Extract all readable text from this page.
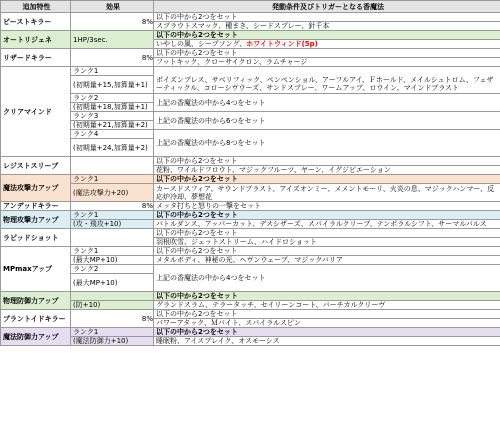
追加特性	効果	発動条件及びトリガーとなる香魔法
ビーストキラー	8%	以下の中から2つをセット
		スプラウトスマック、種まき、シードスプレー、針千本
オートリジェネ	1HP/3sec.	以下の中から2つをセット
		いやしの風、シープソング、ホワイトウィンド(5p)
リザードキラー	8%	以下の中から2つをセット
		フットキック、クローサイクロン、ラムチャージ
クリアマインド	ランク1	ポイズンブレス、サベリフィック、ペンペンショル、アーフルアイ、Ｆホールド、メイルシュトロム、フェザーティックル、コローシヴウーズ、サンドスプレー、ワームアップ、ロウイン、マインドブラスト

	(初期量+15,加算量+1)	

	ランク2	上記の香魔法の中から4つをセット
	(初期量+18,加算量+1)	
	ランク3	上記の香魔法の中から6つをセット
	(初期量+21,加算量+2)	
	ランク4	上記の香魔法の中から8つをセット
	(初期量+24,加算量+2)	

レジストスリープ		以下の中から2つをセット
		花粉、ワイルドフロウト、マジックフルーツ、ヤーン、イグジビエーション
魔法攻撃力アップ	ランク1	以下の中から2つをセット
	(魔法攻撃力+20)	カースドスフィア、サウンドブラスト、アイズオンミー、メメントモーリ、火炎の息、マジックハンマー、反応炉冷却、夢想花

アンデッドキラー	8%	メッタ打ちと怒りの一撃をセット
物理攻撃力アップ	ランク1	以下の中から2つをセット
	(攻・飛攻+10)	バトルダンス、アッパーカット、デスシザーズ、スパイラルクリーブ、テンポラルシフト、サーマルバルス
ラピッドショット		以下の中から2つをセット
		羽根吹雪、ジェットストリーム、ハイドロショット
MPmaxアップ	ランク1	以下の中から2つをセット
	(最大MP+10)	メタルボディ、神秘の光、ヘヴンウェーブ、マジックバリア
	ランク2	上記の香魔法の中から4つをセット
	(最大MP+10)	

物理防御力アップ		以下の中から2つをセット
	(防+10)	グランドスラム、テラータッチ、セイリーンコート、バーチカルクリーヴ
プラントイドキラー	8%	以下の中から2つをセット
		パワーアタック、Ｍパイト、スパイラルスピン
魔法防御力アップ	ランク1	以下の中から2つをセット
	(魔法防御力+10)	睡眠粉、アイスブレイク、オスモーシス
